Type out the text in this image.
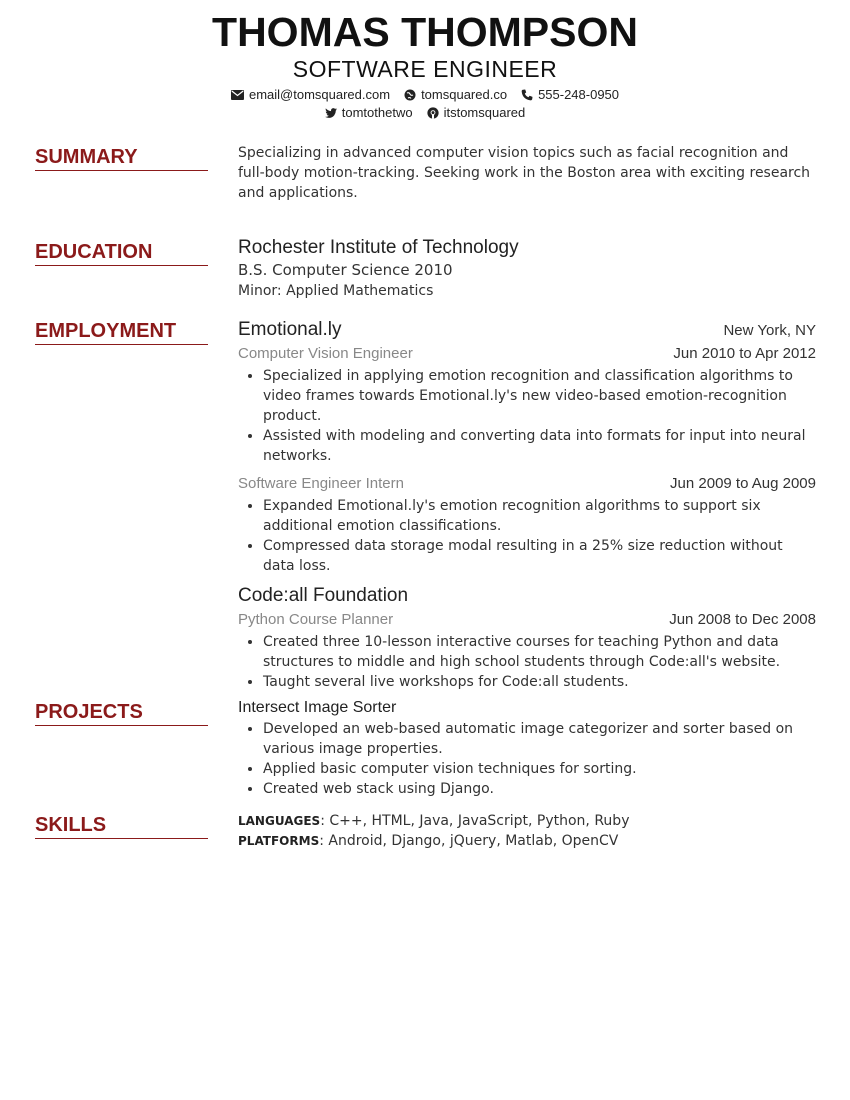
THOMAS THOMPSON
SOFTWARE ENGINEER
email@tomsquared.com tomsquared.co 555-248-0950
tomtothetwo itstomsquared
SUMMARY	Specializing in advanced computer vision topics such as facial recognition and full-body motion-tracking. Seeking work in the Boston area with exciting research and applications.
EDUCATION	Rochester Institute of Technology
B.S. Computer Science 2010
Minor: Applied Mathematics
EMPLOYMENT	Emotional.ly	New York, NY
Computer Vision Engineer	Jun 2010 to Apr 2012
• Specialized in applying emotion recognition and classification algorithms to video frames towards Emotional.ly's new video-based emotion-recognition product.
• Assisted with modeling and converting data into formats for input into neural networks.
Software Engineer Intern	Jun 2009 to Aug 2009
• Expanded Emotional.ly's emotion recognition algorithms to support six additional emotion classifications.
• Compressed data storage modal resulting in a 25% size reduction without data loss.
Code:all Foundation
Python Course Planner	Jun 2008 to Dec 2008
• Created three 10-lesson interactive courses for teaching Python and data structures to middle and high school students through Code:all's website.
• Taught several live workshops for Code:all students.
PROJECTS	Intersect Image Sorter
• Developed an web-based automatic image categorizer and sorter based on various image properties.
• Applied basic computer vision techniques for sorting.
• Created web stack using Django.
SKILLS	LANGUAGES: C++, HTML, Java, JavaScript, Python, Ruby
PLATFORMS: Android, Django, jQuery, Matlab, OpenCV
